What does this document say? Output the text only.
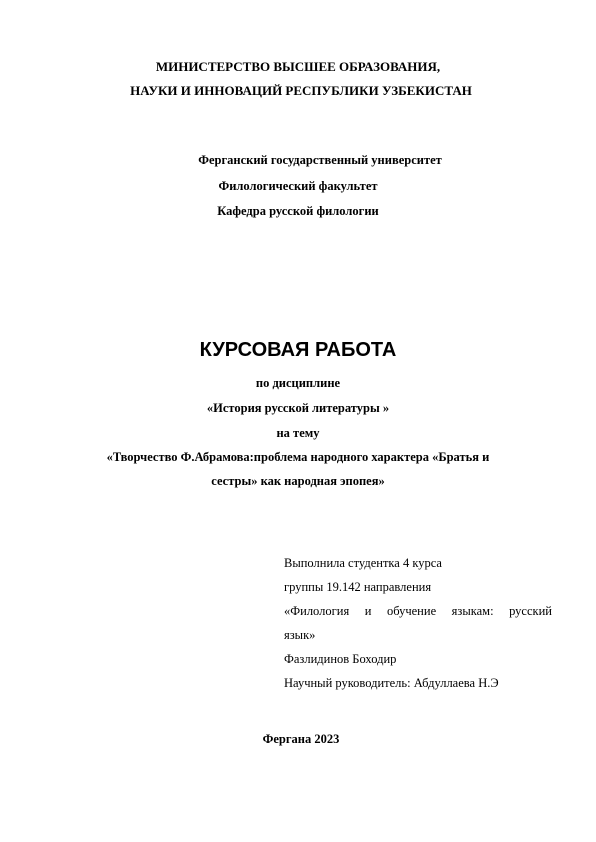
МИНИСТЕРСТВО ВЫСШЕЕ ОБРАЗОВАНИЯ,
НАУКИ И ИННОВАЦИЙ РЕСПУБЛИКИ УЗБЕКИСТАН
Ферганский государственный университет
Филологический факультет
Кафедра русской филологии
КУРСОВАЯ РАБОТА
по дисциплине
«История русской литературы »
на тему
«Творчество Ф.Абрамова:проблема народного характера «Братья и
сестры» как народная эпопея»
Выполнила студентка 4 курса
группы 19.142 направления
«Филология и обучение языкам: русский
язык»
Фазлидинов Боходир
Научный руководитель: Абдуллаева Н.Э
Фергана 2023
